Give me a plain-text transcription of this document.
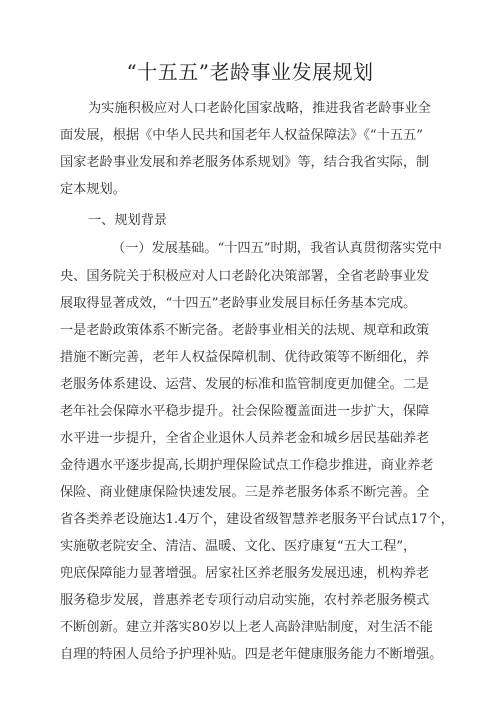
“十五五”老龄事业发展规划
为实施积极应对人口老龄化国家战略，推进我省老龄事业全
面发展，根据《中华人民共和国老年人权益保障法》《“十五五”
国家老龄事业发展和养老服务体系规划》等，结合我省实际，制
定本规划。
一、规划背景
（一）发展基础。“十四五”时期，我省认真贯彻落实党中
央、国务院关于积极应对人口老龄化决策部署，全省老龄事业发
展取得显著成效，“十四五”老龄事业发展目标任务基本完成。
一是老龄政策体系不断完备。老龄事业相关的法规、规章和政策
措施不断完善，老年人权益保障机制、优待政策等不断细化，养
老服务体系建设、运营、发展的标准和监管制度更加健全。二是
老年社会保障水平稳步提升。社会保险覆盖面进一步扩大，保障
水平进一步提升，全省企业退休人员养老金和城乡居民基础养老
金待遇水平逐步提高,长期护理保险试点工作稳步推进，商业养老
保险、商业健康保险快速发展。三是养老服务体系不断完善。全
省各类养老设施达1.4万个，建设省级智慧养老服务平台试点17个，
实施敬老院安全、清洁、温暖、文化、医疗康复“五大工程”，
兜底保障能力显著增强。居家社区养老服务发展迅速，机构养老
服务稳步发展，普惠养老专项行动启动实施，农村养老服务模式
不断创新。建立并落实80岁以上老人高龄津贴制度，对生活不能
自理的特困人员给予护理补贴。四是老年健康服务能力不断增强。
